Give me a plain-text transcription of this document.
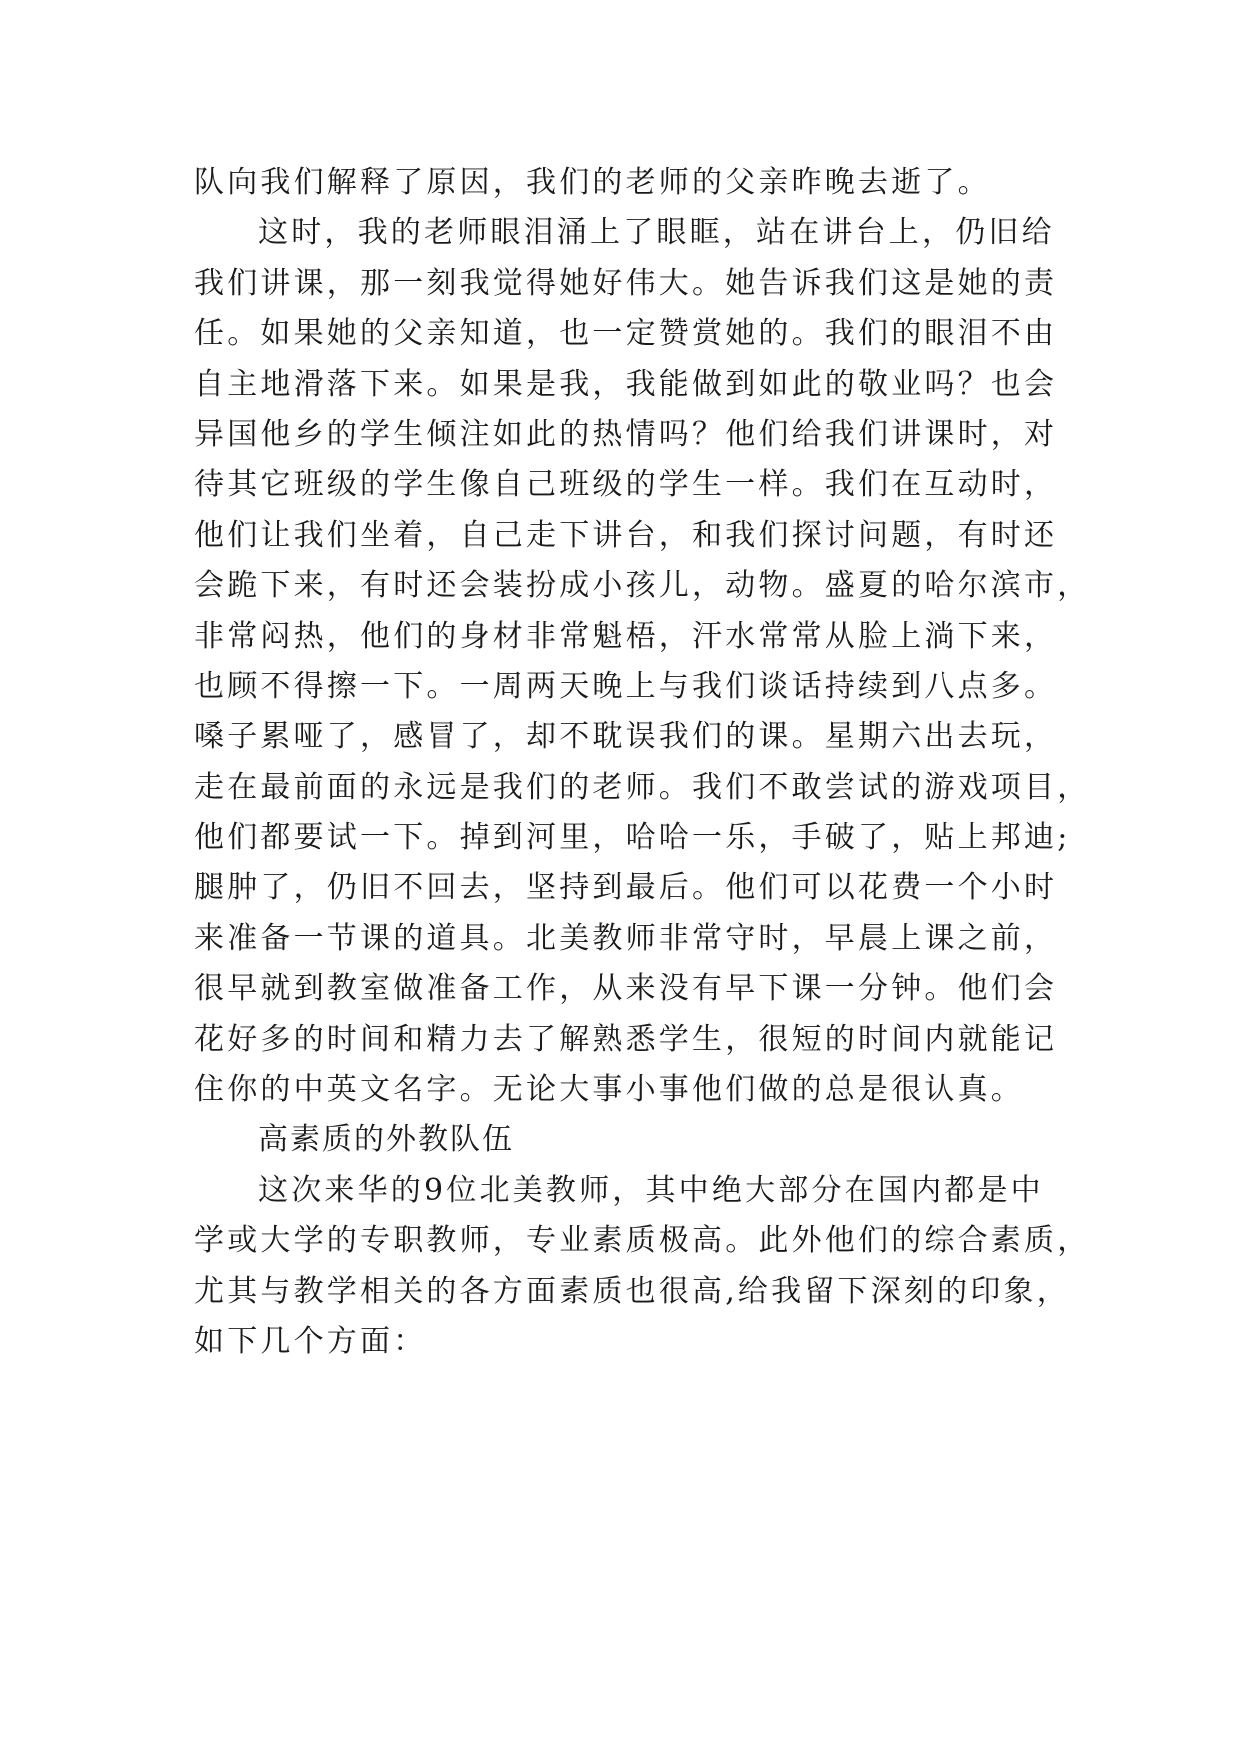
队向我们解释了原因，我们的老师的父亲昨晚去逝了。
这时，我的老师眼泪涌上了眼眶，站在讲台上，仍旧给
我们讲课，那一刻我觉得她好伟大。她告诉我们这是她的责
任。如果她的父亲知道，也一定赞赏她的。我们的眼泪不由
自主地滑落下来。如果是我，我能做到如此的敬业吗？也会
异国他乡的学生倾注如此的热情吗？他们给我们讲课时，对
待其它班级的学生像自己班级的学生一样。我们在互动时，
他们让我们坐着，自己走下讲台，和我们探讨问题，有时还
会跪下来，有时还会装扮成小孩儿，动物。盛夏的哈尔滨市，
非常闷热，他们的身材非常魁梧，汗水常常从脸上淌下来，
也顾不得擦一下。一周两天晚上与我们谈话持续到八点多。
嗓子累哑了，感冒了，却不耽误我们的课。星期六出去玩，
走在最前面的永远是我们的老师。我们不敢尝试的游戏项目，
他们都要试一下。掉到河里，哈哈一乐，手破了，贴上邦迪;
腿肿了，仍旧不回去，坚持到最后。他们可以花费一个小时
来准备一节课的道具。北美教师非常守时，早晨上课之前，
很早就到教室做准备工作，从来没有早下课一分钟。他们会
花好多的时间和精力去了解熟悉学生，很短的时间内就能记
住你的中英文名字。无论大事小事他们做的总是很认真。
高素质的外教队伍
这次来华的9位北美教师，其中绝大部分在国内都是中
学或大学的专职教师，专业素质极高。此外他们的综合素质，
尤其与教学相关的各方面素质也很高,给我留下深刻的印象，
如下几个方面：
